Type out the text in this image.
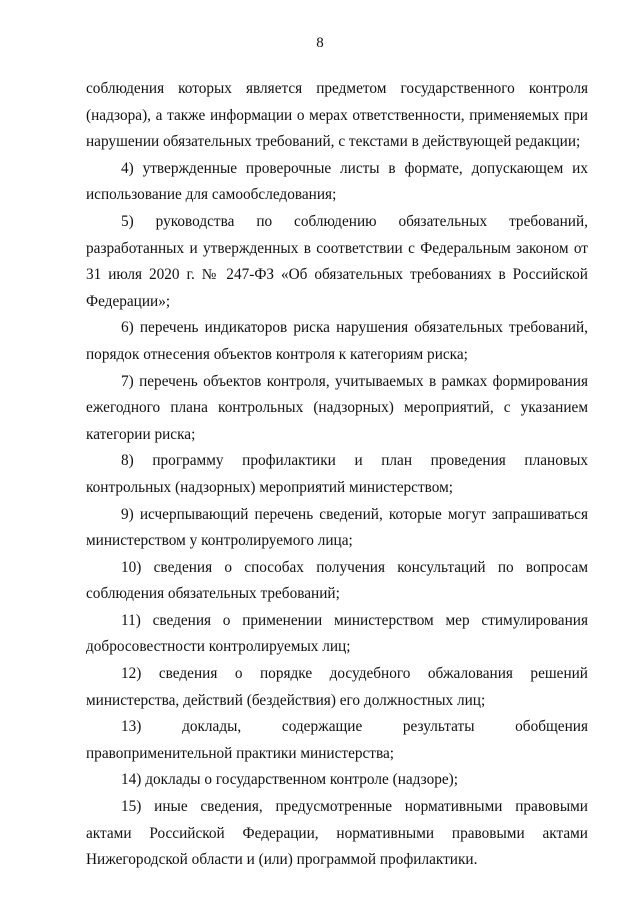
8

соблюдения которых является предметом государственного контроля (надзора), а также информации о мерах ответственности, применяемых при нарушении обязательных требований, с текстами в действующей редакции;

4) утвержденные проверочные листы в формате, допускающем их использование для самообследования;

5) руководства по соблюдению обязательных требований, разработанных и утвержденных в соответствии с Федеральным законом от 31 июля 2020 г. № 247-ФЗ «Об обязательных требованиях в Российской Федерации»;

6) перечень индикаторов риска нарушения обязательных требований, порядок отнесения объектов контроля к категориям риска;

7) перечень объектов контроля, учитываемых в рамках формирования ежегодного плана контрольных (надзорных) мероприятий, с указанием категории риска;

8) программу профилактики и план проведения плановых контрольных (надзорных) мероприятий министерством;

9) исчерпывающий перечень сведений, которые могут запрашиваться министерством у контролируемого лица;

10) сведения о способах получения консультаций по вопросам соблюдения обязательных требований;

11) сведения о применении министерством мер стимулирования добросовестности контролируемых лиц;

12) сведения о порядке досудебного обжалования решений министерства, действий (бездействия) его должностных лиц;

13) доклады, содержащие результаты обобщения правоприменительной практики министерства;

14) доклады о государственном контроле (надзоре);

15) иные сведения, предусмотренные нормативными правовыми актами Российской Федерации, нормативными правовыми актами Нижегородской области и (или) программой профилактики.
